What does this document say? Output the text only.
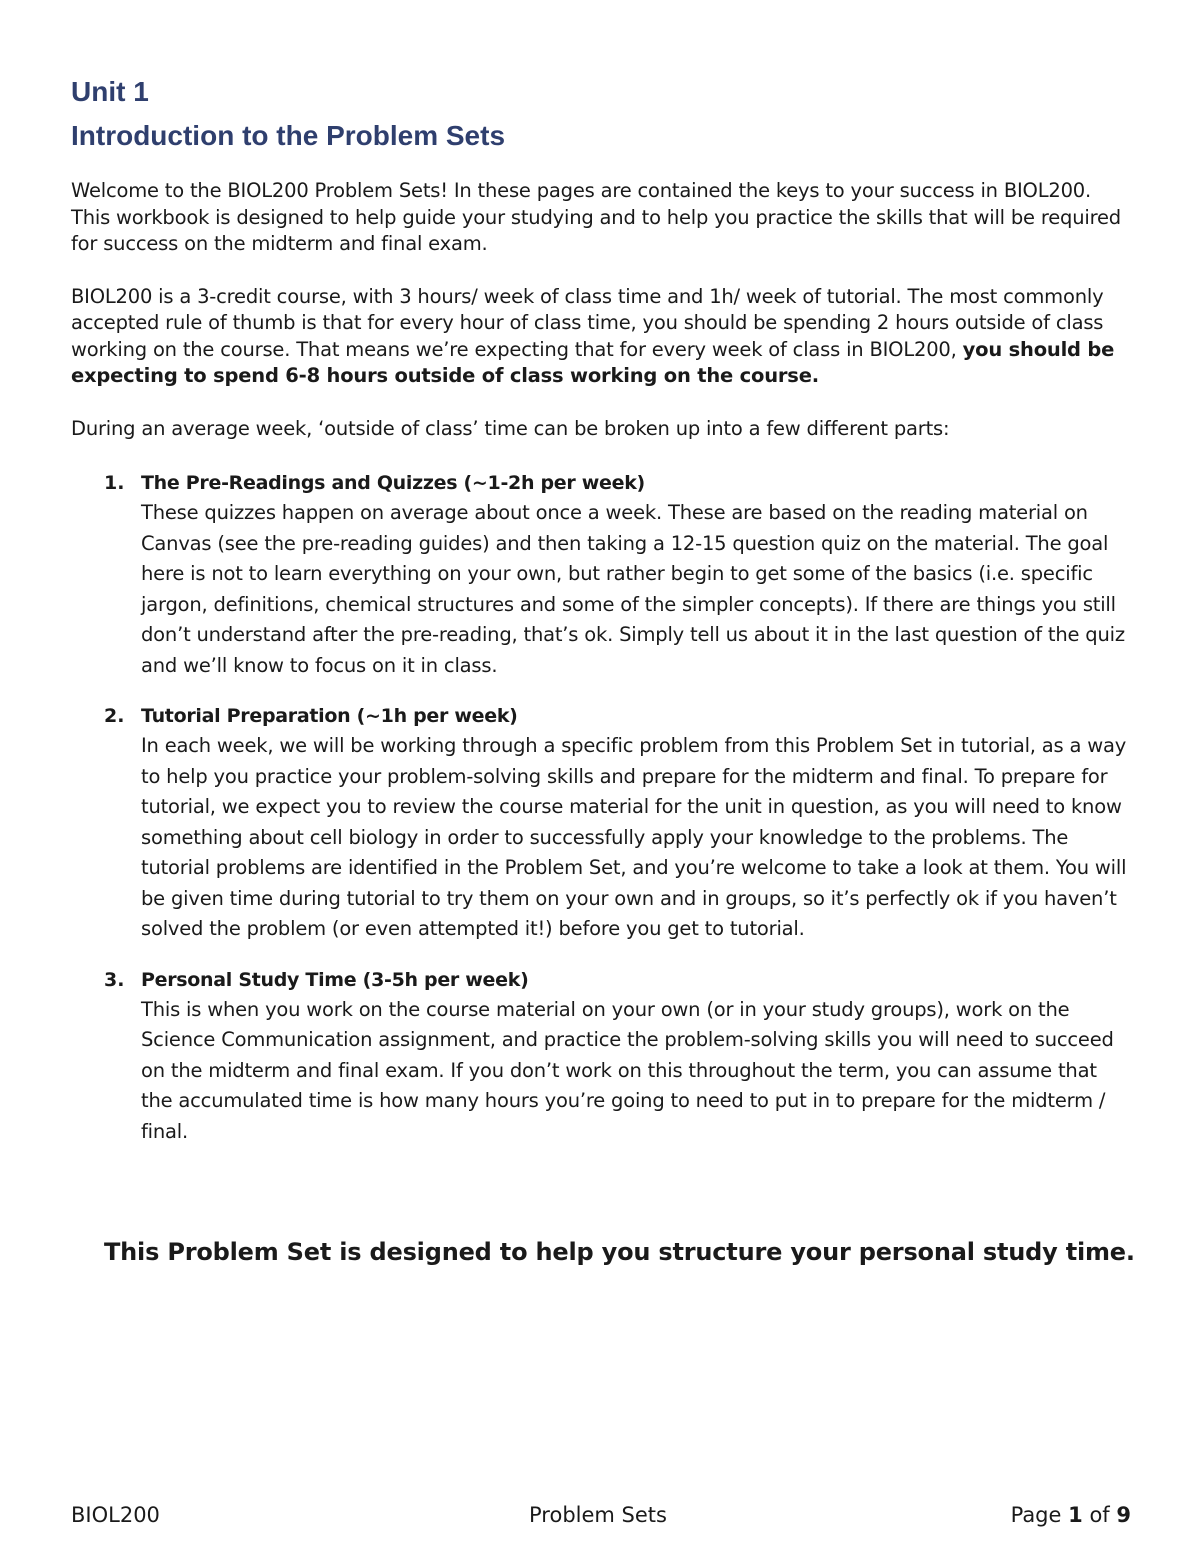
Unit 1
Introduction to the Problem Sets

Welcome to the BIOL200 Problem Sets! In these pages are contained the keys to your success in BIOL200. This workbook is designed to help guide your studying and to help you practice the skills that will be required for success on the midterm and final exam.

BIOL200 is a 3-credit course, with 3 hours/ week of class time and 1h/ week of tutorial. The most commonly accepted rule of thumb is that for every hour of class time, you should be spending 2 hours outside of class working on the course. That means we’re expecting that for every week of class in BIOL200, you should be expecting to spend 6-8 hours outside of class working on the course.

During an average week, ‘outside of class’ time can be broken up into a few different parts:

1. The Pre-Readings and Quizzes (~1-2h per week)

These quizzes happen on average about once a week. These are based on the reading material on Canvas (see the pre-reading guides) and then taking a 12-15 question quiz on the material. The goal here is not to learn everything on your own, but rather begin to get some of the basics (i.e. specific jargon, definitions, chemical structures and some of the simpler concepts). If there are things you still don’t understand after the pre-reading, that’s ok. Simply tell us about it in the last question of the quiz and we’ll know to focus on it in class.

2. Tutorial Preparation (~1h per week)

In each week, we will be working through a specific problem from this Problem Set in tutorial, as a way to help you practice your problem-solving skills and prepare for the midterm and final. To prepare for tutorial, we expect you to review the course material for the unit in question, as you will need to know something about cell biology in order to successfully apply your knowledge to the problems. The tutorial problems are identified in the Problem Set, and you’re welcome to take a look at them. You will be given time during tutorial to try them on your own and in groups, so it’s perfectly ok if you haven’t solved the problem (or even attempted it!) before you get to tutorial.

3. Personal Study Time (3-5h per week)

This is when you work on the course material on your own (or in your study groups), work on the Science Communication assignment, and practice the problem-solving skills you will need to succeed on the midterm and final exam. If you don’t work on this throughout the term, you can assume that the accumulated time is how many hours you’re going to need to put in to prepare for the midterm / final.

This Problem Set is designed to help you structure your personal study time.

BIOL200	Problem Sets	Page 1 of 9
